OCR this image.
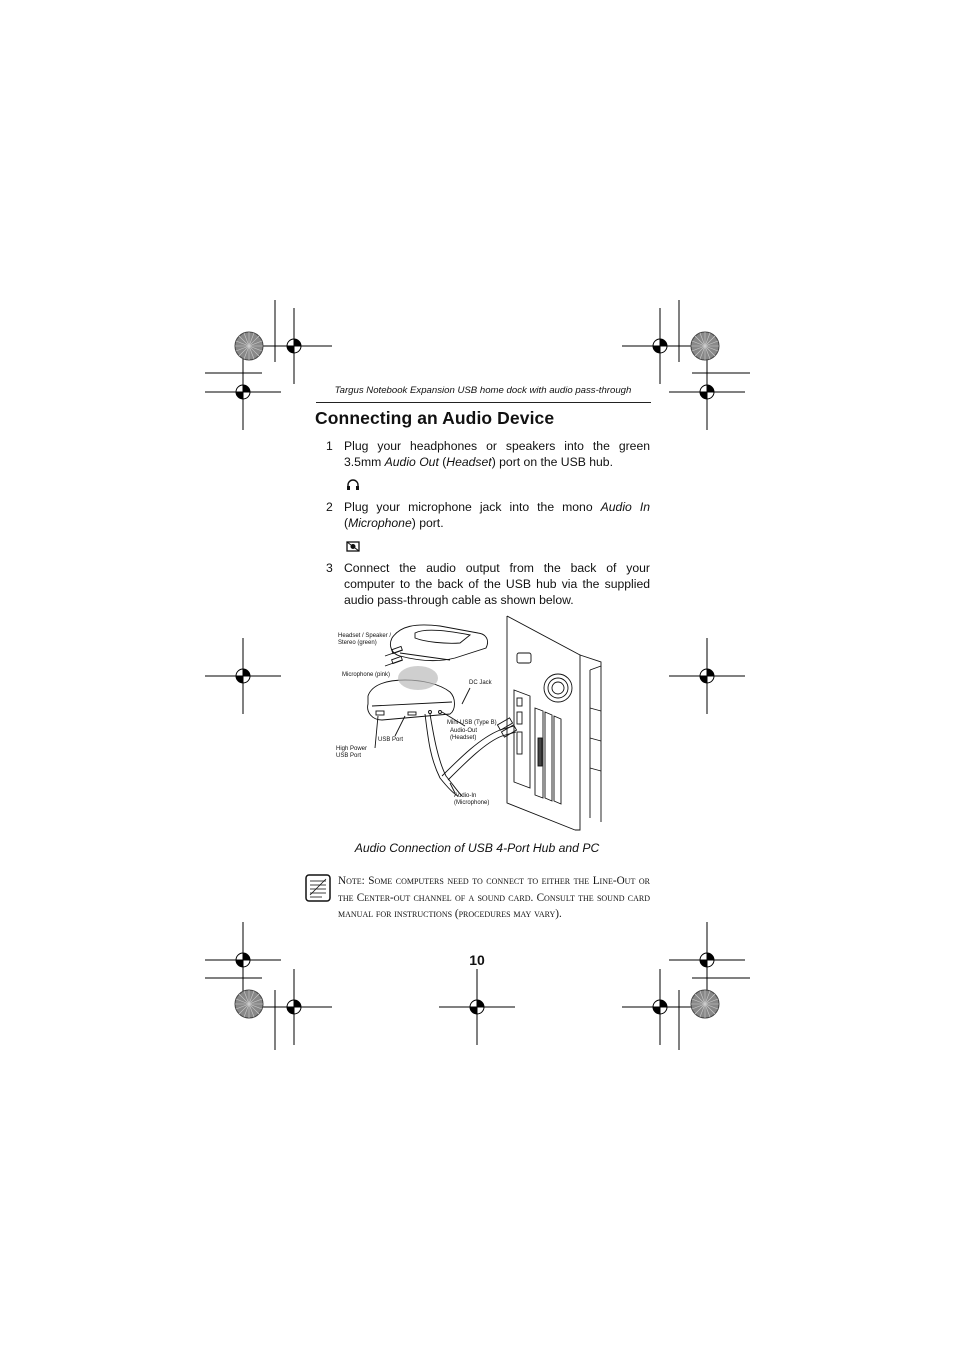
Targus Notebook Expansion USB home dock with audio pass-through
Connecting an Audio Device
1 Plug your headphones or speakers into the green 3.5mm Audio Out (Headset) port on the USB hub.
2 Plug your microphone jack into the mono Audio In (Microphone) port.
3 Connect the audio output from the back of your computer to the back of the USB hub via the supplied audio pass-through cable as shown below.
Headset / Speaker / Stereo (green)
Microphone (pink)
DC Jack
Mini-USB (Type B)
Audio-Out (Headset)
USB Port
High Power USB Port
Audio-In (Microphone)
Audio Connection of USB 4-Port Hub and PC
Note: Some computers need to connect to either the Line-Out or the Center-out channel of a sound card. Consult the sound card manual for instructions (procedures may vary).
10
